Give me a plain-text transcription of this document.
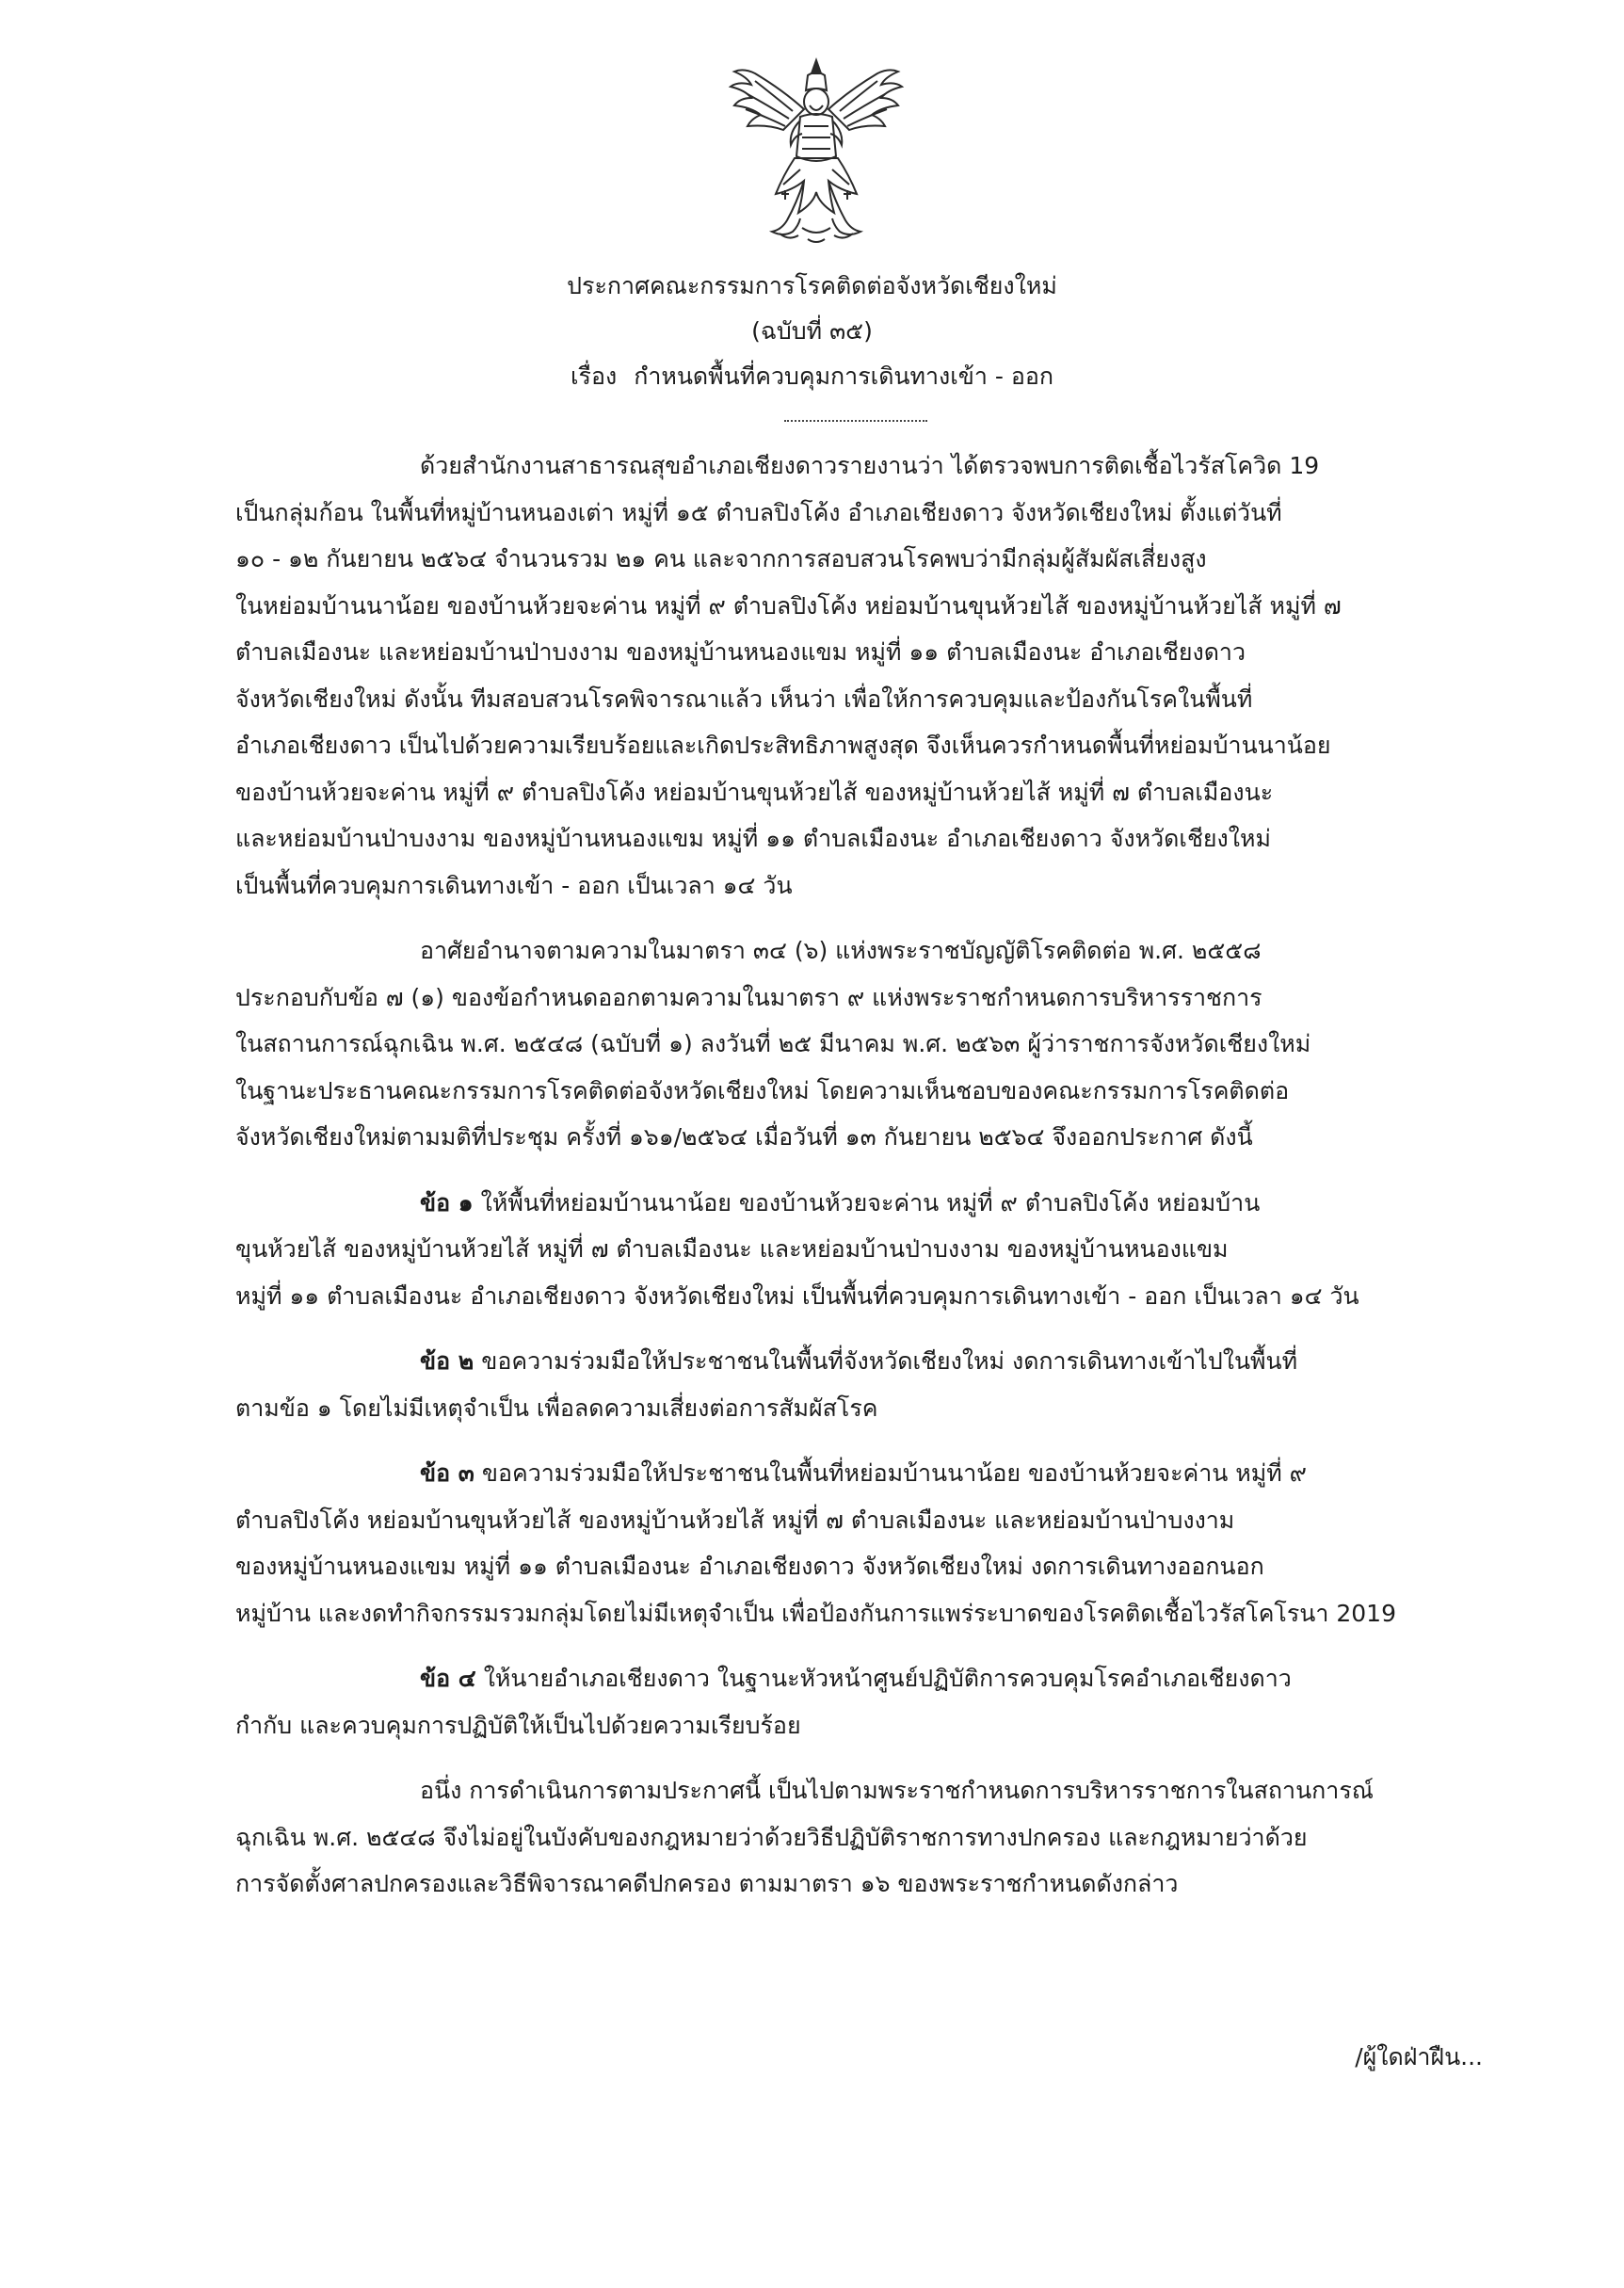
ประกาศคณะกรรมการโรคติดต่อจังหวัดเชียงใหม่
(ฉบับที่ ๓๕)
เรื่อง กำหนดพื้นที่ควบคุมการเดินทางเข้า - ออก
ด้วยสำนักงานสาธารณสุขอำเภอเชียงดาวรายงานว่า ได้ตรวจพบการติดเชื้อไวรัสโควิด 19
เป็นกลุ่มก้อน ในพื้นที่หมู่บ้านหนองเต่า หมู่ที่ ๑๕ ตำบลปิงโค้ง อำเภอเชียงดาว จังหวัดเชียงใหม่ ตั้งแต่วันที่
๑๐ - ๑๒ กันยายน ๒๕๖๔ จำนวนรวม ๒๑ คน และจากการสอบสวนโรคพบว่ามีกลุ่มผู้สัมผัสเสี่ยงสูง
ในหย่อมบ้านนาน้อย ของบ้านห้วยจะค่าน หมู่ที่ ๙ ตำบลปิงโค้ง หย่อมบ้านขุนห้วยไส้ ของหมู่บ้านห้วยไส้ หมู่ที่ ๗
ตำบลเมืองนะ และหย่อมบ้านป่าบงงาม ของหมู่บ้านหนองแขม หมู่ที่ ๑๑ ตำบลเมืองนะ อำเภอเชียงดาว
จังหวัดเชียงใหม่ ดังนั้น ทีมสอบสวนโรคพิจารณาแล้ว เห็นว่า เพื่อให้การควบคุมและป้องกันโรคในพื้นที่
อำเภอเชียงดาว เป็นไปด้วยความเรียบร้อยและเกิดประสิทธิภาพสูงสุด จึงเห็นควรกำหนดพื้นที่หย่อมบ้านนาน้อย
ของบ้านห้วยจะค่าน หมู่ที่ ๙ ตำบลปิงโค้ง หย่อมบ้านขุนห้วยไส้ ของหมู่บ้านห้วยไส้ หมู่ที่ ๗ ตำบลเมืองนะ
และหย่อมบ้านป่าบงงาม ของหมู่บ้านหนองแขม หมู่ที่ ๑๑ ตำบลเมืองนะ อำเภอเชียงดาว จังหวัดเชียงใหม่
เป็นพื้นที่ควบคุมการเดินทางเข้า - ออก เป็นเวลา ๑๔ วัน
อาศัยอำนาจตามความในมาตรา ๓๔ (๖) แห่งพระราชบัญญัติโรคติดต่อ พ.ศ. ๒๕๕๘
ประกอบกับข้อ ๗ (๑) ของข้อกำหนดออกตามความในมาตรา ๙ แห่งพระราชกำหนดการบริหารราชการ
ในสถานการณ์ฉุกเฉิน พ.ศ. ๒๕๔๘ (ฉบับที่ ๑) ลงวันที่ ๒๕ มีนาคม พ.ศ. ๒๕๖๓ ผู้ว่าราชการจังหวัดเชียงใหม่
ในฐานะประธานคณะกรรมการโรคติดต่อจังหวัดเชียงใหม่ โดยความเห็นชอบของคณะกรรมการโรคติดต่อ
จังหวัดเชียงใหม่ตามมติที่ประชุม ครั้งที่ ๑๖๑/๒๕๖๔ เมื่อวันที่ ๑๓ กันยายน ๒๕๖๔ จึงออกประกาศ ดังนี้
ข้อ ๑ ให้พื้นที่หย่อมบ้านนาน้อย ของบ้านห้วยจะค่าน หมู่ที่ ๙ ตำบลปิงโค้ง หย่อมบ้าน
ขุนห้วยไส้ ของหมู่บ้านห้วยไส้ หมู่ที่ ๗ ตำบลเมืองนะ และหย่อมบ้านป่าบงงาม ของหมู่บ้านหนองแขม
หมู่ที่ ๑๑ ตำบลเมืองนะ อำเภอเชียงดาว จังหวัดเชียงใหม่ เป็นพื้นที่ควบคุมการเดินทางเข้า - ออก เป็นเวลา ๑๔ วัน
ข้อ ๒ ขอความร่วมมือให้ประชาชนในพื้นที่จังหวัดเชียงใหม่ งดการเดินทางเข้าไปในพื้นที่
ตามข้อ ๑ โดยไม่มีเหตุจำเป็น เพื่อลดความเสี่ยงต่อการสัมผัสโรค
ข้อ ๓ ขอความร่วมมือให้ประชาชนในพื้นที่หย่อมบ้านนาน้อย ของบ้านห้วยจะค่าน หมู่ที่ ๙
ตำบลปิงโค้ง หย่อมบ้านขุนห้วยไส้ ของหมู่บ้านห้วยไส้ หมู่ที่ ๗ ตำบลเมืองนะ และหย่อมบ้านป่าบงงาม
ของหมู่บ้านหนองแขม หมู่ที่ ๑๑ ตำบลเมืองนะ อำเภอเชียงดาว จังหวัดเชียงใหม่ งดการเดินทางออกนอก
หมู่บ้าน และงดทำกิจกรรมรวมกลุ่มโดยไม่มีเหตุจำเป็น เพื่อป้องกันการแพร่ระบาดของโรคติดเชื้อไวรัสโคโรนา 2019
ข้อ ๔ ให้นายอำเภอเชียงดาว ในฐานะหัวหน้าศูนย์ปฏิบัติการควบคุมโรคอำเภอเชียงดาว
กำกับ และควบคุมการปฏิบัติให้เป็นไปด้วยความเรียบร้อย
อนึ่ง การดำเนินการตามประกาศนี้ เป็นไปตามพระราชกำหนดการบริหารราชการในสถานการณ์
ฉุกเฉิน พ.ศ. ๒๕๔๘ จึงไม่อยู่ในบังคับของกฎหมายว่าด้วยวิธีปฏิบัติราชการทางปกครอง และกฎหมายว่าด้วย
การจัดตั้งศาลปกครองและวิธีพิจารณาคดีปกครอง ตามมาตรา ๑๖ ของพระราชกำหนดดังกล่าว
/ผู้ใดฝ่าฝืน...
